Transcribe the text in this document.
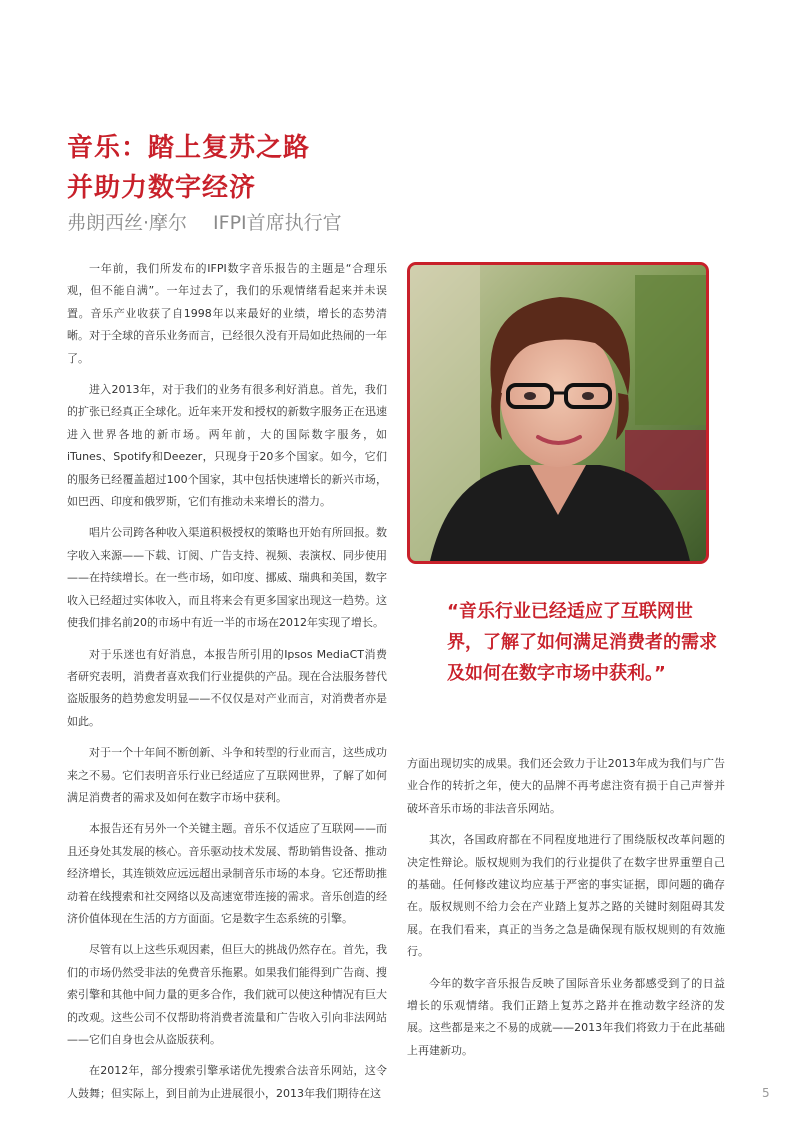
音乐：踏上复苏之路
并助力数字经济
弗朗西丝·摩尔 IFPI首席执行官

一年前，我们所发布的IFPI数字音乐报告的主题是“合理乐观，但不能自满”。一年过去了，我们的乐观情绪看起来并未误置。音乐产业收获了自1998年以来最好的业绩，增长的态势清晰。对于全球的音乐业务而言，已经很久没有开局如此热闹的一年了。

进入2013年，对于我们的业务有很多利好消息。首先，我们的扩张已经真正全球化。近年来开发和授权的新数字服务正在迅速进入世界各地的新市场。两年前，大的国际数字服务，如iTunes、Spotify和Deezer，只现身于20多个国家。如今，它们的服务已经覆盖超过100个国家，其中包括快速增长的新兴市场，如巴西、印度和俄罗斯，它们有推动未来增长的潜力。

唱片公司跨各种收入渠道积极授权的策略也开始有所回报。数字收入来源——下载、订阅、广告支持、视频、表演权、同步使用——在持续增长。在一些市场，如印度、挪威、瑞典和美国，数字收入已经超过实体收入，而且将来会有更多国家出现这一趋势。这使我们排名前20的市场中有近一半的市场在2012年实现了增长。

对于乐迷也有好消息，本报告所引用的Ipsos MediaCT消费者研究表明，消费者喜欢我们行业提供的产品。现在合法服务替代盗版服务的趋势愈发明显——不仅仅是对产业而言，对消费者亦是如此。

对于一个十年间不断创新、斗争和转型的行业而言，这些成功来之不易。它们表明音乐行业已经适应了互联网世界，了解了如何满足消费者的需求及如何在数字市场中获利。

本报告还有另外一个关键主题。音乐不仅适应了互联网——而且还身处其发展的核心。音乐驱动技术发展、帮助销售设备、推动经济增长，其连锁效应远远超出录制音乐市场的本身。它还帮助推动着在线搜索和社交网络以及高速宽带连接的需求。音乐创造的经济价值体现在生活的方方面面。它是数字生态系统的引擎。

尽管有以上这些乐观因素，但巨大的挑战仍然存在。首先，我们的市场仍然受非法的免费音乐拖累。如果我们能得到广告商、搜索引擎和其他中间力量的更多合作，我们就可以使这种情况有巨大的改观。这些公司不仅帮助将消费者流量和广告收入引向非法网站——它们自身也会从盗版获利。

在2012年，部分搜索引擎承诺优先搜索合法音乐网站，这令人鼓舞；但实际上，到目前为止进展很小，2013年我们期待在这

“音乐行业已经适应了互联网世界，了解了如何满足消费者的需求及如何在数字市场中获利。”

方面出现切实的成果。我们还会致力于让2013年成为我们与广告业合作的转折之年，使大的品牌不再考虑注资有损于自己声誉并破坏音乐市场的非法音乐网站。

其次，各国政府都在不同程度地进行了围绕版权改革问题的决定性辩论。版权规则为我们的行业提供了在数字世界重塑自己的基础。任何修改建议均应基于严密的事实证据，即问题的确存在。版权规则不给力会在产业踏上复苏之路的关键时刻阻碍其发展。在我们看来，真正的当务之急是确保现有版权规则的有效施行。

今年的数字音乐报告反映了国际音乐业务都感受到了的日益增长的乐观情绪。我们正踏上复苏之路并在推动数字经济的发展。这些都是来之不易的成就——2013年我们将致力于在此基础上再建新功。

5
